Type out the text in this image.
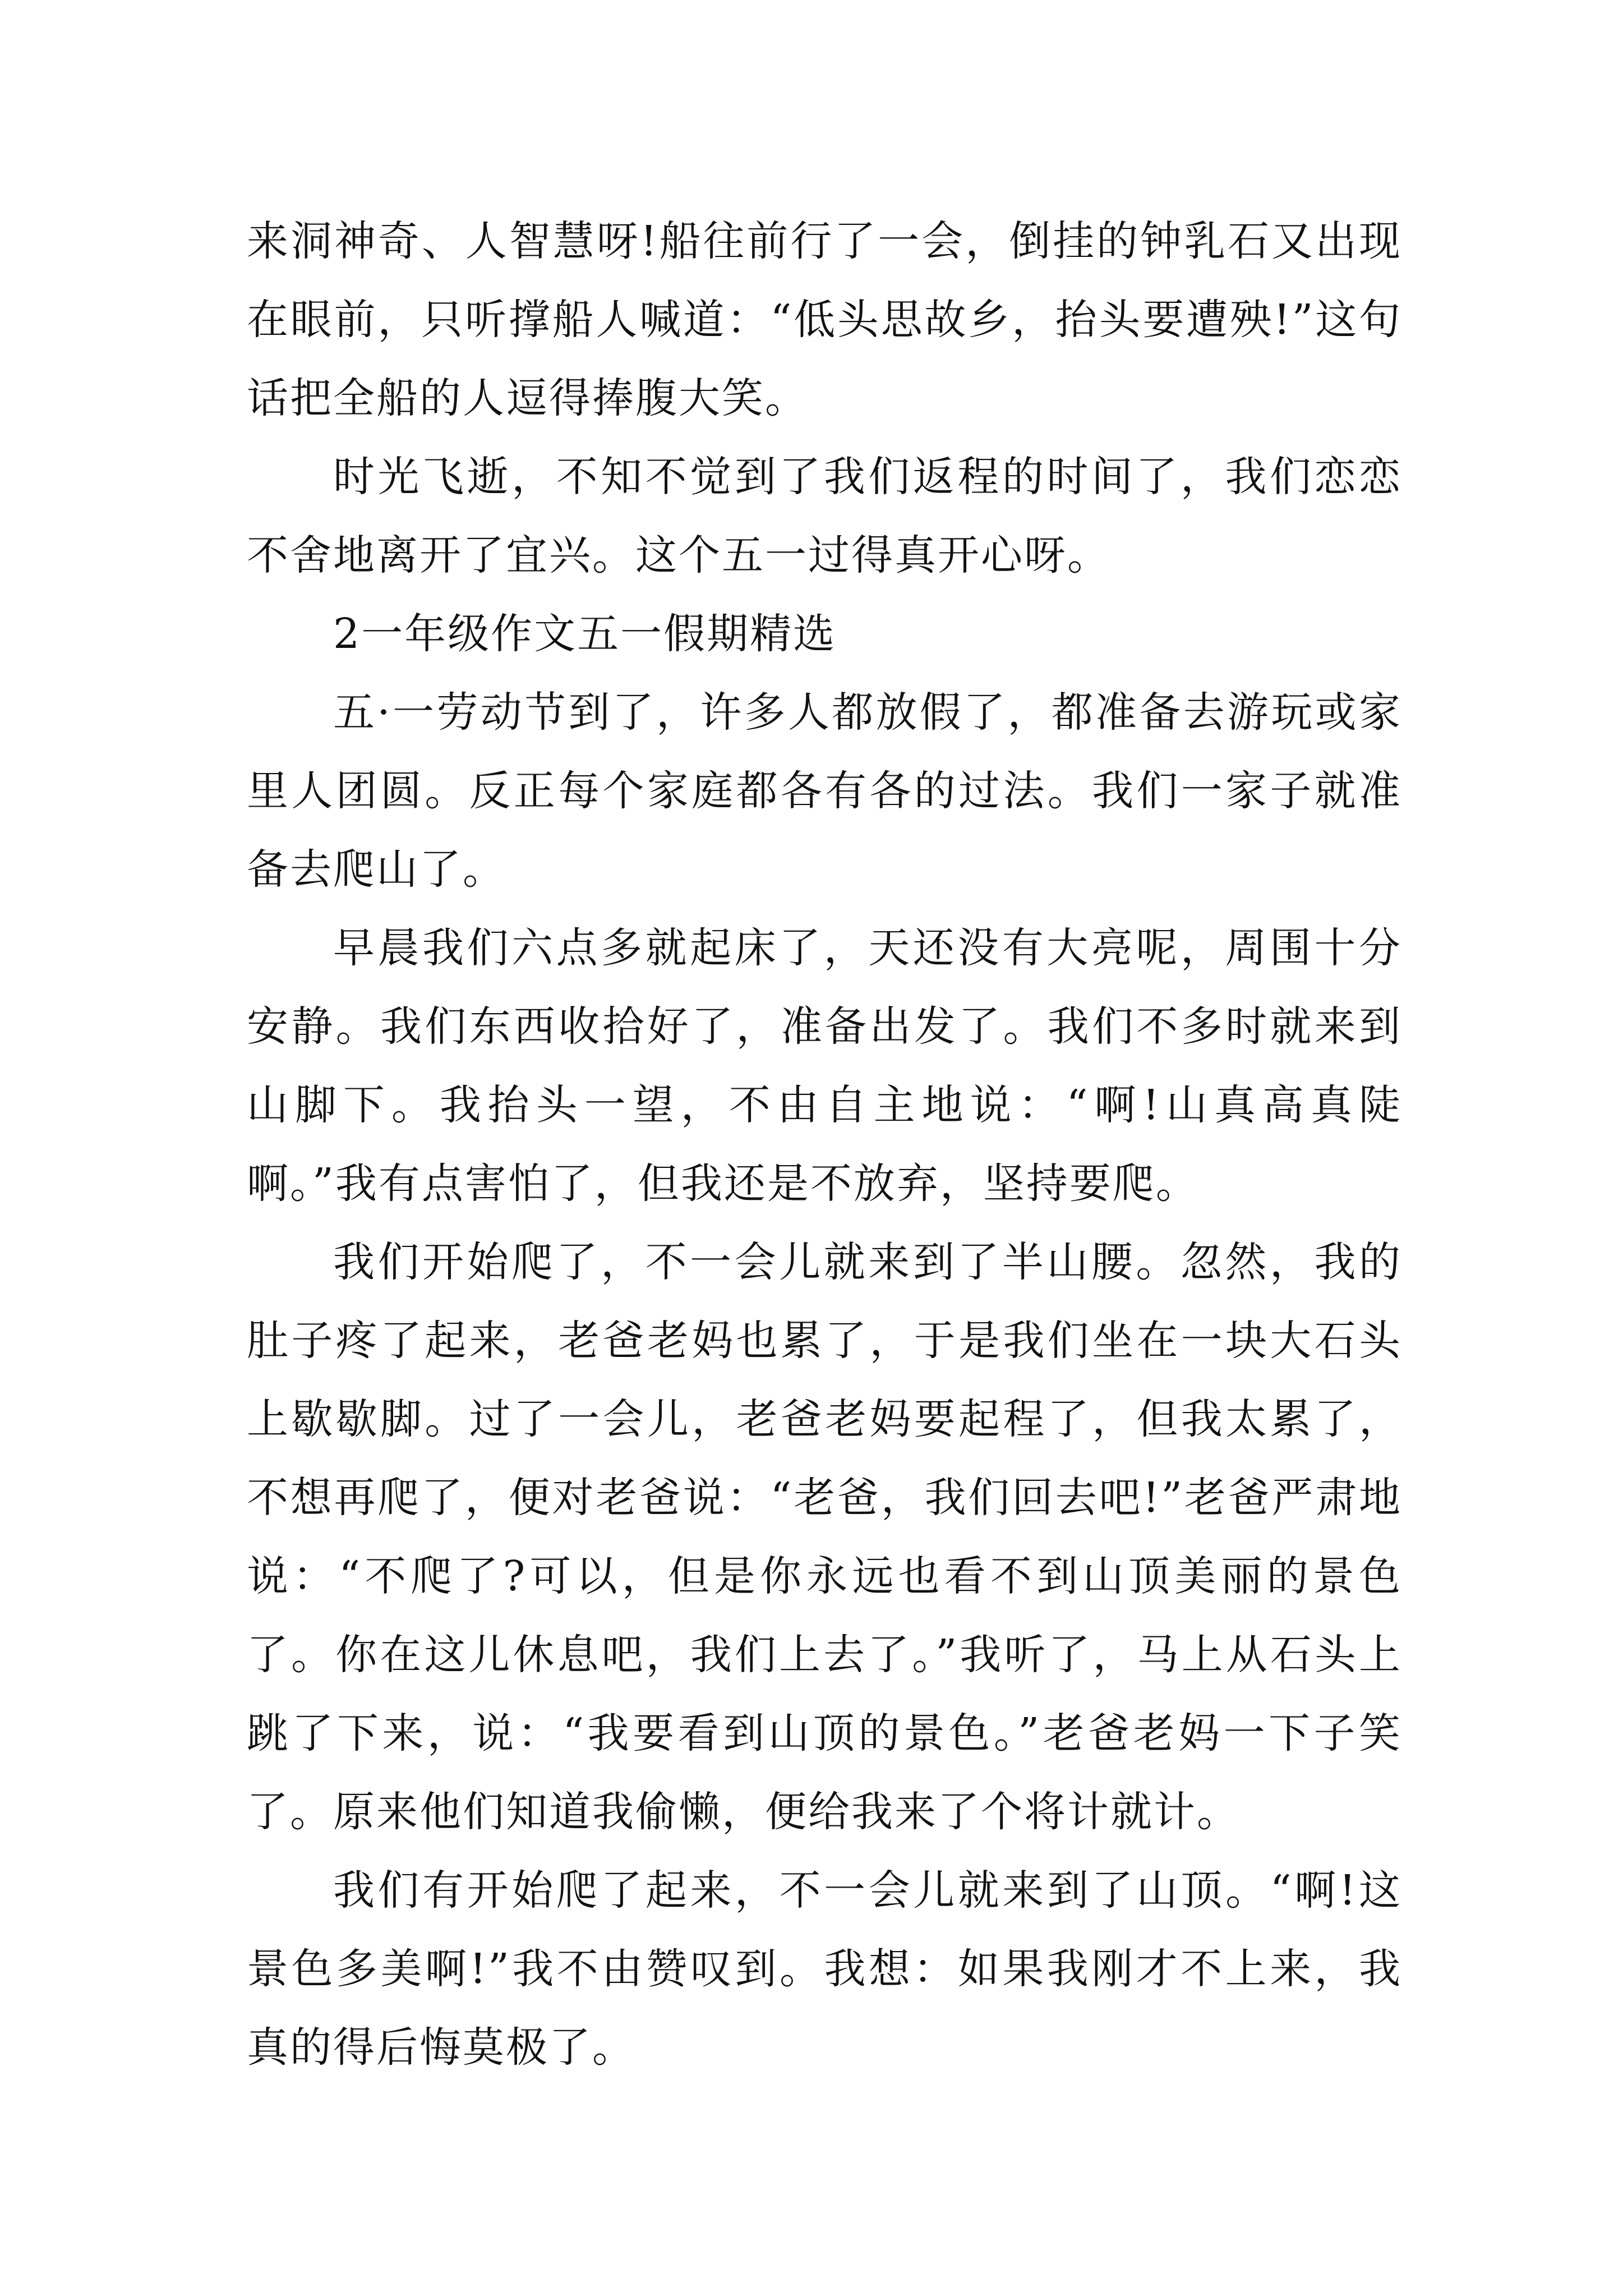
来洞神奇、人智慧呀!船往前行了一会，倒挂的钟乳石又出现在眼前，只听撑船人喊道：“低头思故乡，抬头要遭殃!”这句话把全船的人逗得捧腹大笑。

时光飞逝，不知不觉到了我们返程的时间了，我们恋恋不舍地离开了宜兴。这个五一过得真开心呀。

2一年级作文五一假期精选

五·一劳动节到了，许多人都放假了，都准备去游玩或家里人团圆。反正每个家庭都各有各的过法。我们一家子就准备去爬山了。

早晨我们六点多就起床了，天还没有大亮呢，周围十分安静。我们东西收拾好了，准备出发了。我们不多时就来到山脚下。我抬头一望，不由自主地说：“啊!山真高真陡啊。”我有点害怕了，但我还是不放弃，坚持要爬。

我们开始爬了，不一会儿就来到了半山腰。忽然，我的肚子疼了起来，老爸老妈也累了，于是我们坐在一块大石头上歇歇脚。过了一会儿，老爸老妈要起程了，但我太累了，不想再爬了，便对老爸说：“老爸，我们回去吧!”老爸严肃地说：“不爬了?可以，但是你永远也看不到山顶美丽的景色了。你在这儿休息吧，我们上去了。”我听了，马上从石头上跳了下来，说：“我要看到山顶的景色。”老爸老妈一下子笑了。原来他们知道我偷懒，便给我来了个将计就计。

我们有开始爬了起来，不一会儿就来到了山顶。“啊!这景色多美啊!”我不由赞叹到。我想：如果我刚才不上来，我真的得后悔莫极了。
